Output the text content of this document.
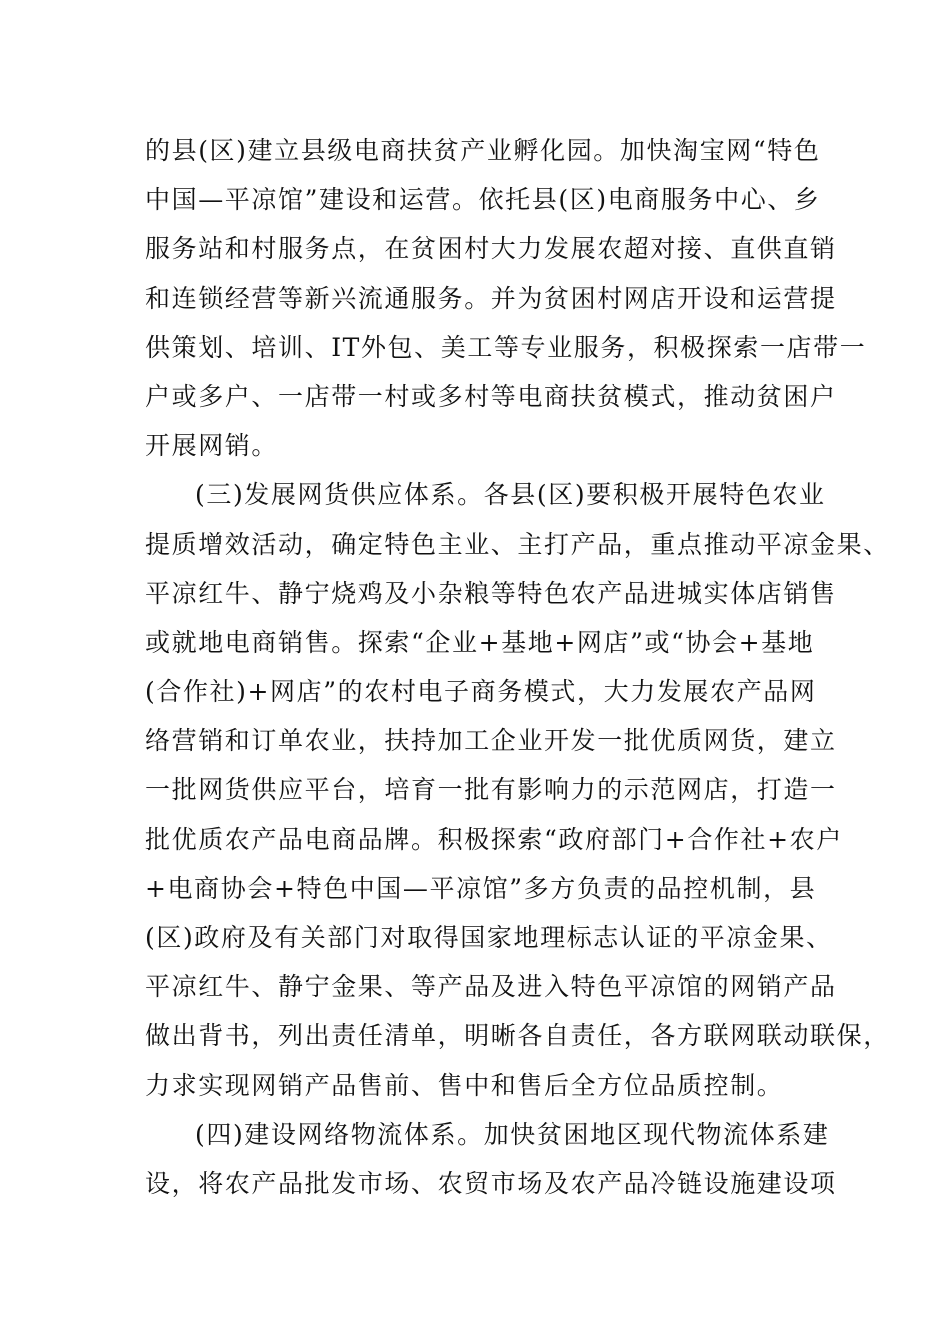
的县(区)建立县级电商扶贫产业孵化园。加快淘宝网“特色
中国—平凉馆”建设和运营。依托县(区)电商服务中心、乡
服务站和村服务点，在贫困村大力发展农超对接、直供直销
和连锁经营等新兴流通服务。并为贫困村网店开设和运营提
供策划、培训、IT外包、美工等专业服务，积极探索一店带一
户或多户、一店带一村或多村等电商扶贫模式，推动贫困户
开展网销。
(三)发展网货供应体系。各县(区)要积极开展特色农业
提质增效活动，确定特色主业、主打产品，重点推动平凉金果、
平凉红牛、静宁烧鸡及小杂粮等特色农产品进城实体店销售
或就地电商销售。探索“企业+基地+网店”或“协会+基地
(合作社)+网店”的农村电子商务模式，大力发展农产品网
络营销和订单农业，扶持加工企业开发一批优质网货，建立
一批网货供应平台，培育一批有影响力的示范网店，打造一
批优质农产品电商品牌。积极探索“政府部门+合作社+农户
+电商协会+特色中国—平凉馆”多方负责的品控机制，县
(区)政府及有关部门对取得国家地理标志认证的平凉金果、
平凉红牛、静宁金果、等产品及进入特色平凉馆的网销产品
做出背书，列出责任清单，明晰各自责任，各方联网联动联保，
力求实现网销产品售前、售中和售后全方位品质控制。
(四)建设网络物流体系。加快贫困地区现代物流体系建
设，将农产品批发市场、农贸市场及农产品冷链设施建设项
